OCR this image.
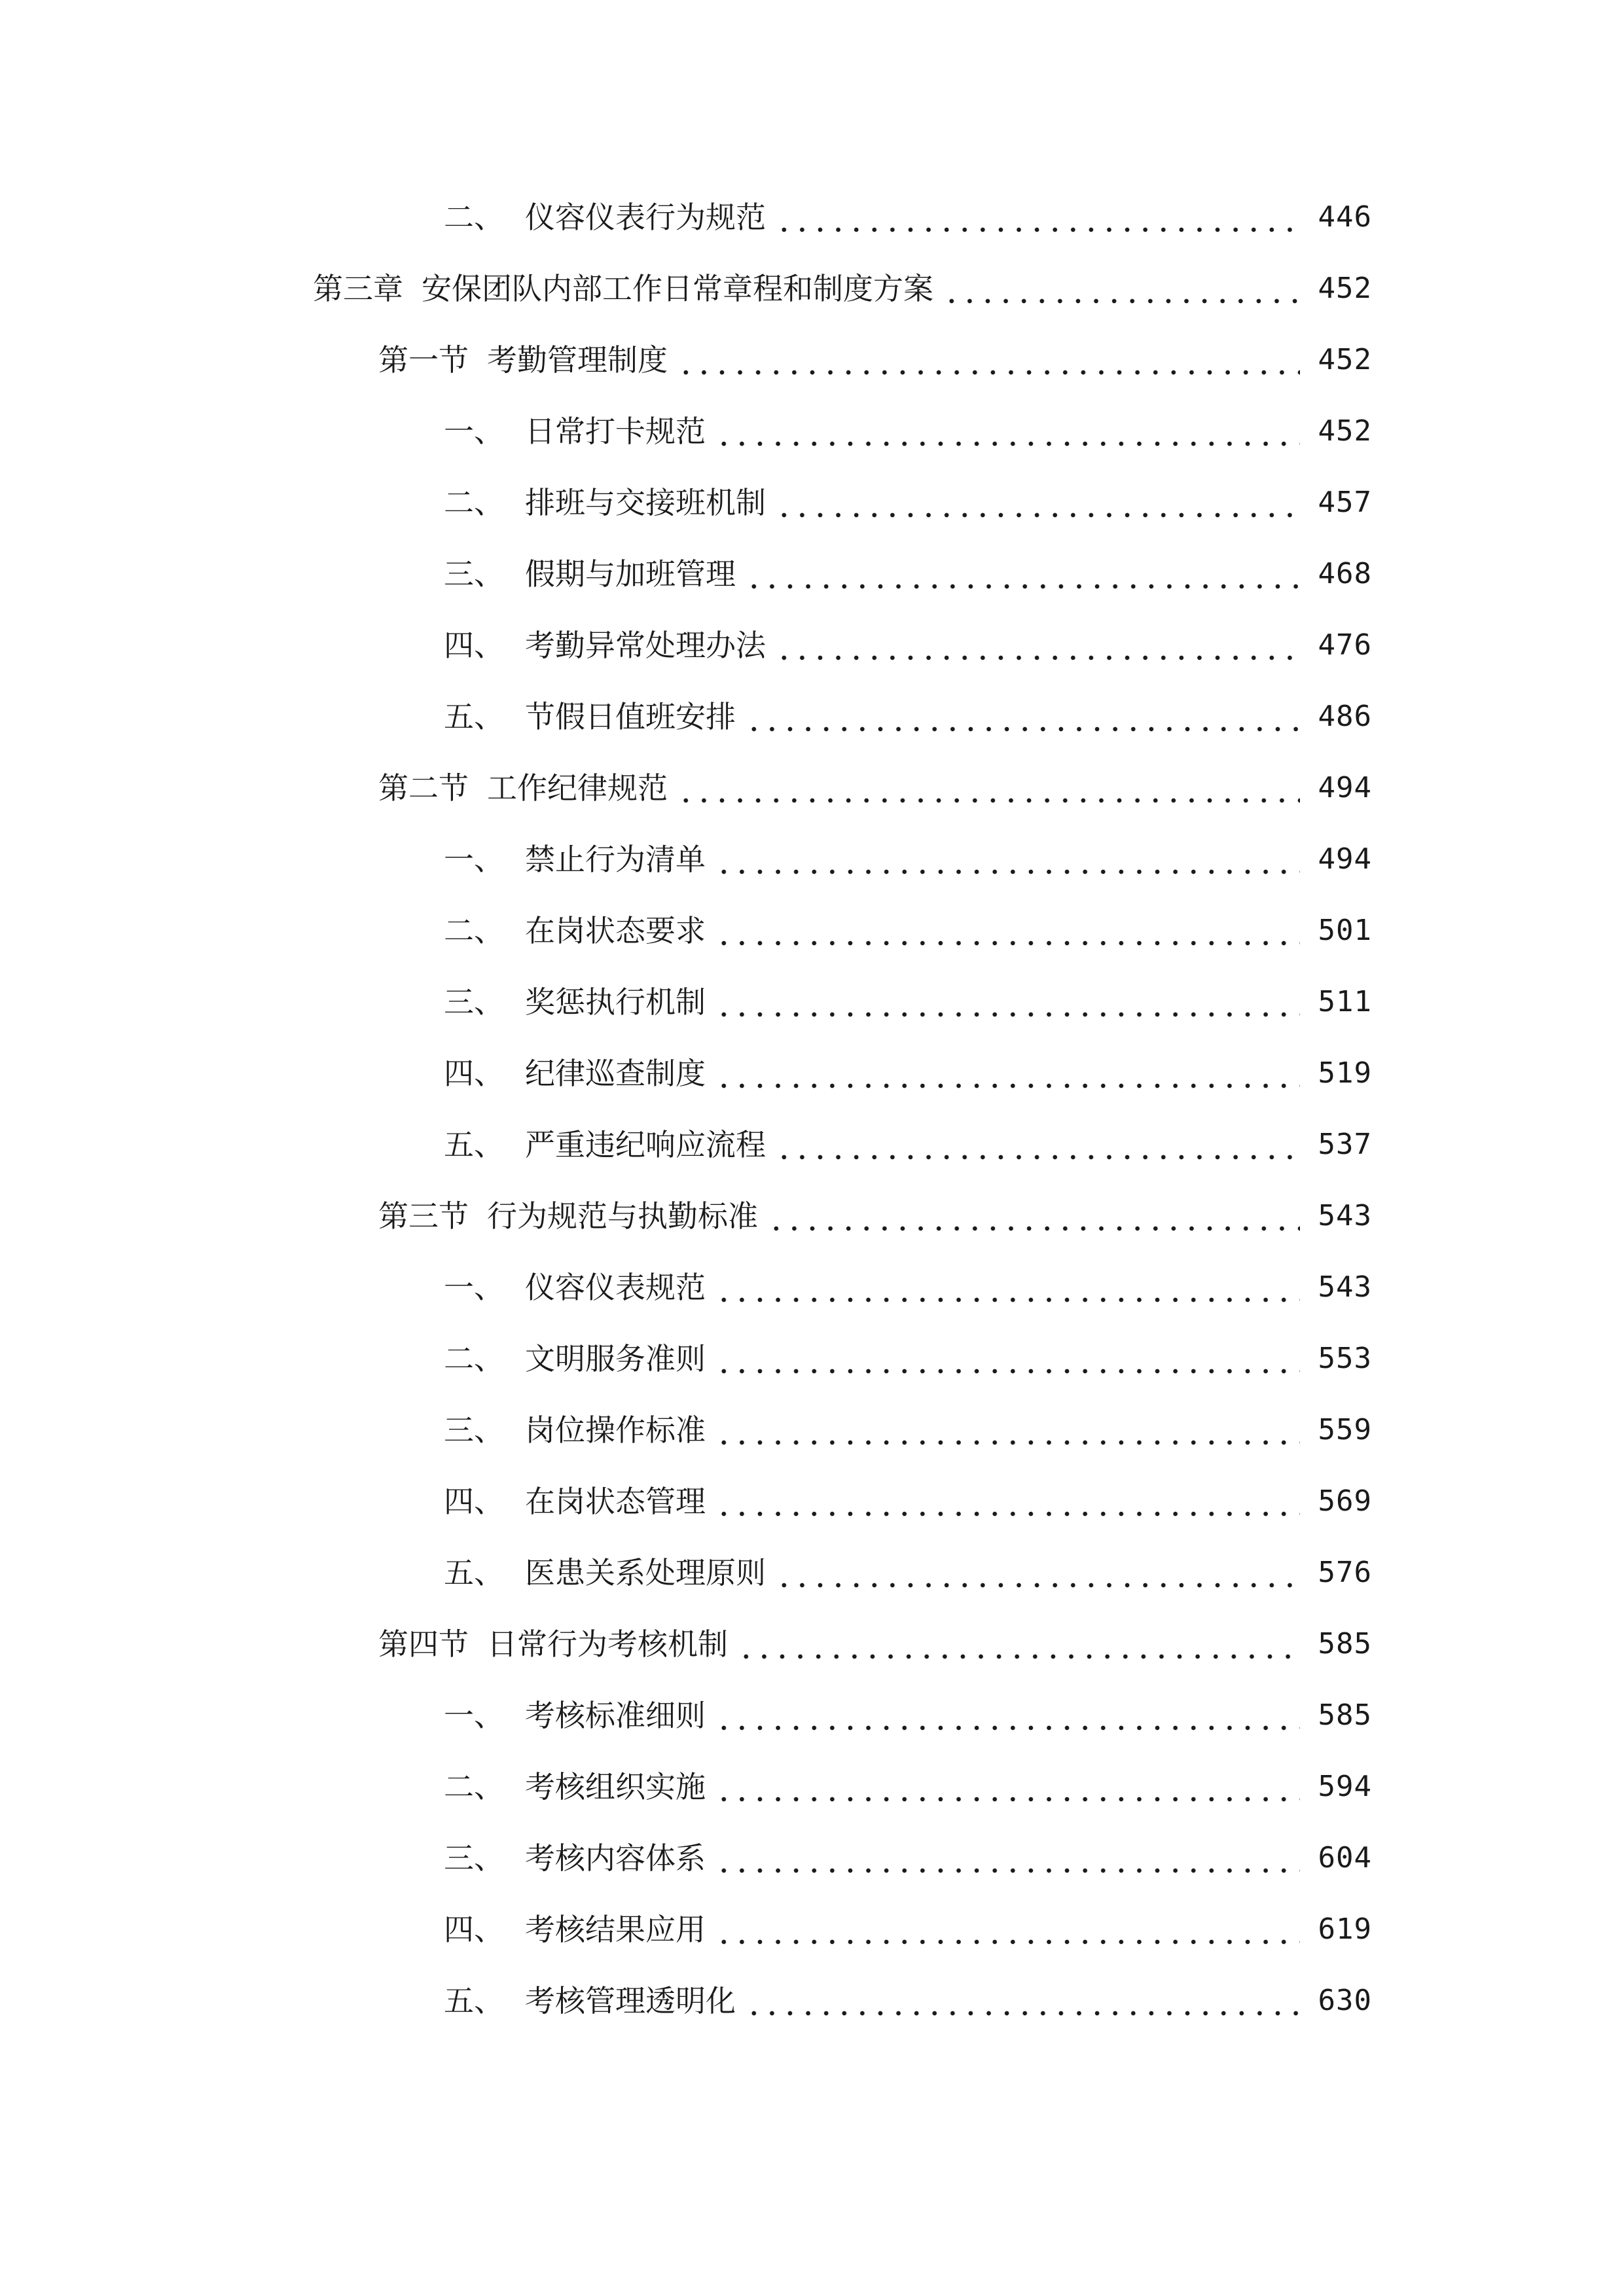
二、 仪容仪表行为规范	446
第三章 安保团队内部工作日常章程和制度方案	452
第一节 考勤管理制度	452
一、 日常打卡规范	452
二、 排班与交接班机制	457
三、 假期与加班管理	468
四、 考勤异常处理办法	476
五、 节假日值班安排	486
第二节 工作纪律规范	494
一、 禁止行为清单	494
二、 在岗状态要求	501
三、 奖惩执行机制	511
四、 纪律巡查制度	519
五、 严重违纪响应流程	537
第三节 行为规范与执勤标准	543
一、 仪容仪表规范	543
二、 文明服务准则	553
三、 岗位操作标准	559
四、 在岗状态管理	569
五、 医患关系处理原则	576
第四节 日常行为考核机制	585
一、 考核标准细则	585
二、 考核组织实施	594
三、 考核内容体系	604
四、 考核结果应用	619
五、 考核管理透明化	630
